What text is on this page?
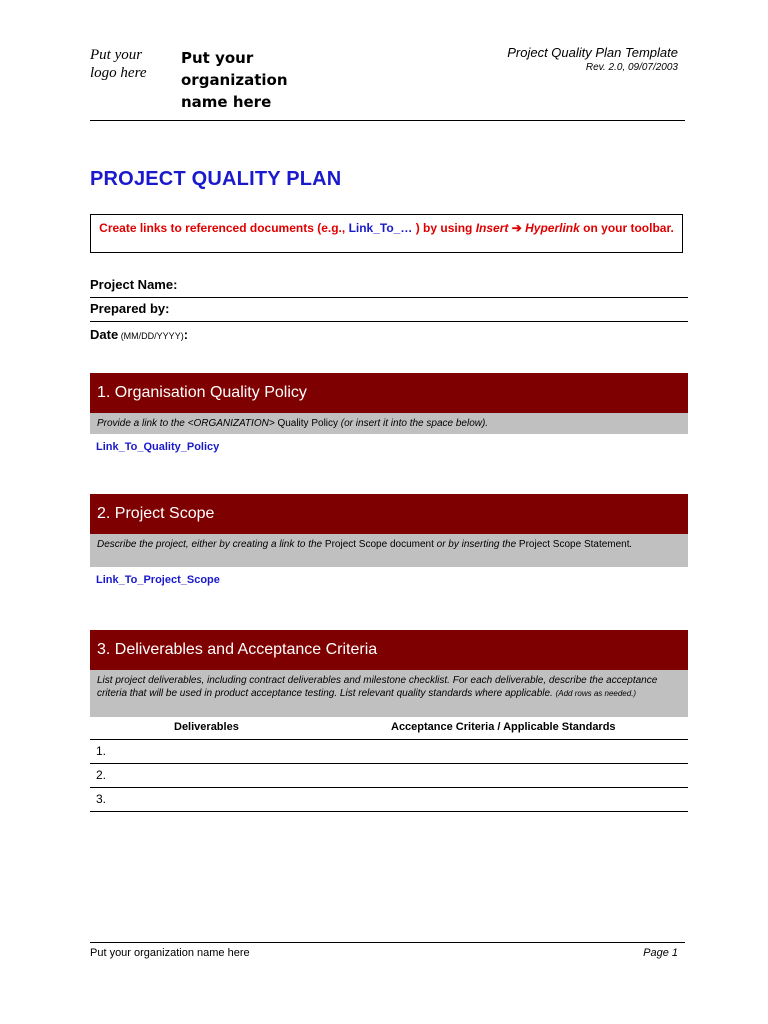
Put your logo here
Put your organization name here
Project Quality Plan Template
Rev. 2.0, 09/07/2003
PROJECT QUALITY PLAN
Create links to referenced documents (e.g., Link_To_… ) by using Insert ➔ Hyperlink on your toolbar.
Project Name:
Prepared by:
Date (MM/DD/YYYY):
1. Organisation Quality Policy
Provide a link to the <ORGANIZATION> Quality Policy (or insert it into the space below).
Link_To_Quality_Policy
2. Project Scope
Describe the project, either by creating a link to the Project Scope document or by inserting the Project Scope Statement.
Link_To_Project_Scope
3. Deliverables and Acceptance Criteria
List project deliverables, including contract deliverables and milestone checklist. For each deliverable, describe the acceptance criteria that will be used in product acceptance testing. List relevant quality standards where applicable. (Add rows as needed.)
Deliverables	Acceptance Criteria / Applicable Standards
1.
2.
3.
Put your organization name here	Page 1
